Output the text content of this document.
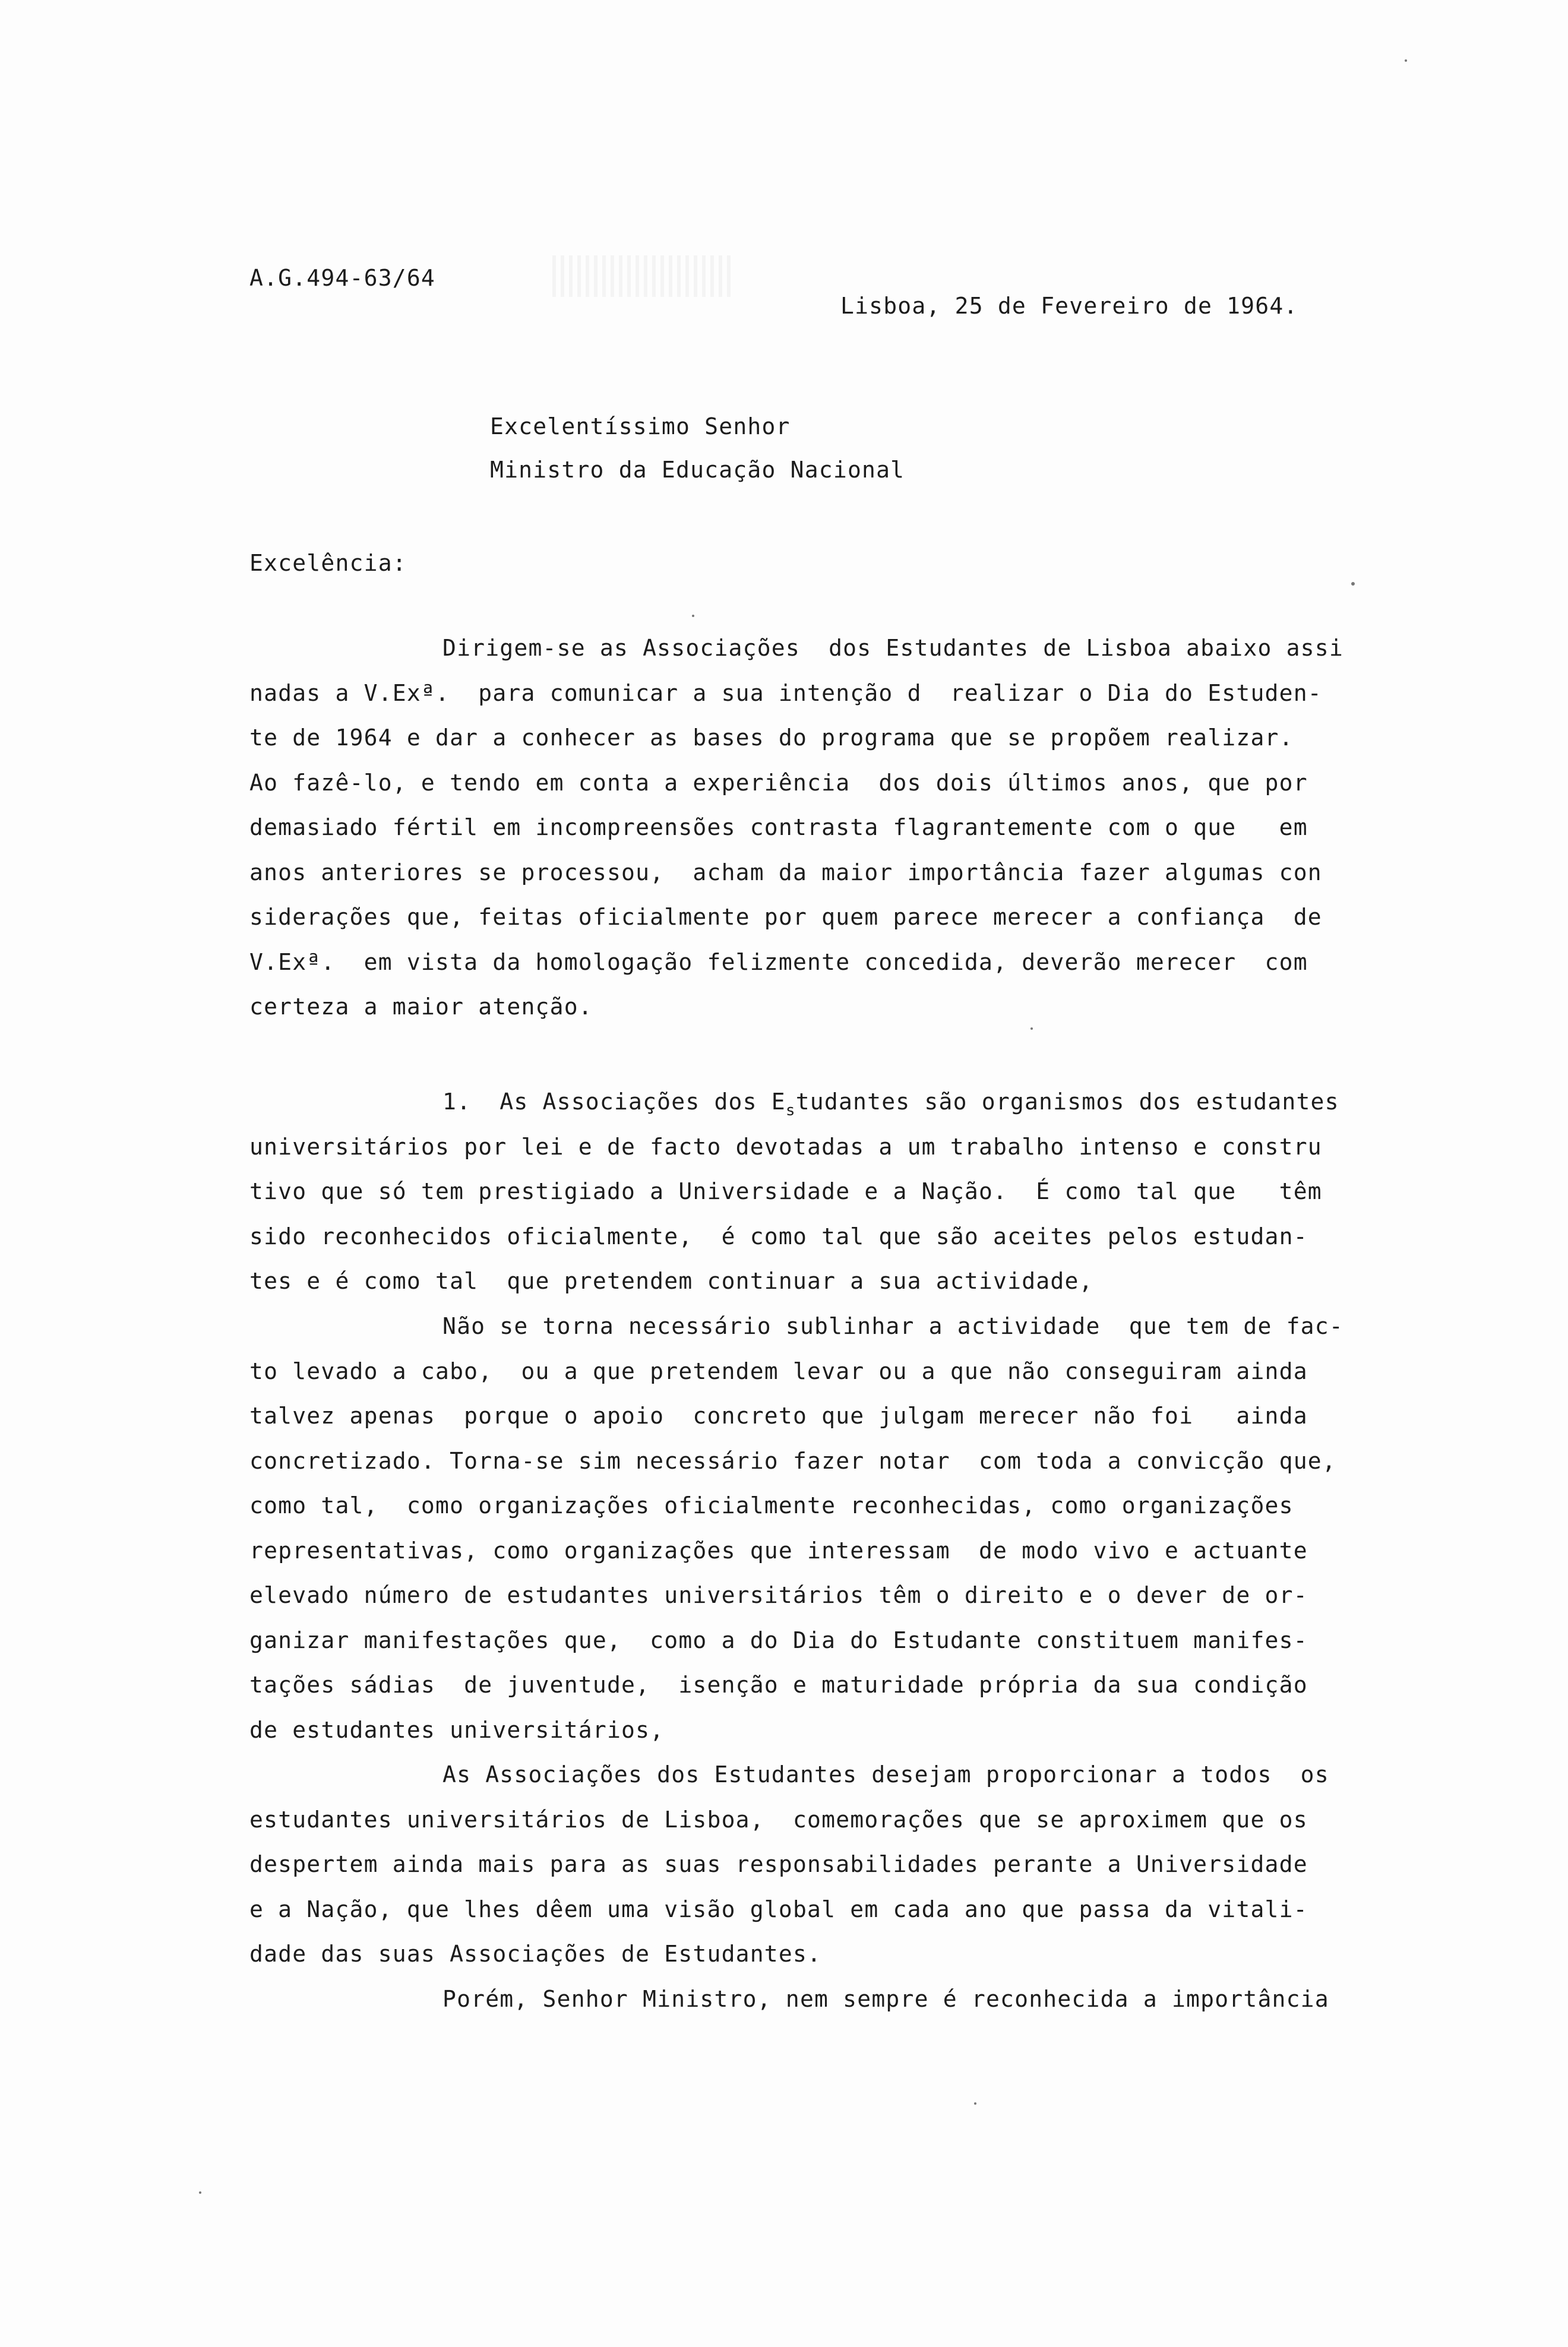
A.G.494-63/64
Lisboa, 25 de Fevereiro de 1964.
Excelentíssimo Senhor
Ministro da Educação Nacional
Excelência:
Dirigem-se as Associações  dos Estudantes de Lisboa abaixo assi
nadas a V.Exª.  para comunicar a sua intenção d  realizar o Dia do Estuden-
te de 1964 e dar a conhecer as bases do programa que se propõem realizar.
Ao fazê-lo, e tendo em conta a experiência  dos dois últimos anos, que por
demasiado fértil em incompreensões contrasta flagrantemente com o que   em
anos anteriores se processou,  acham da maior importância fazer algumas con
siderações que, feitas oficialmente por quem parece merecer a confiança  de
V.Exª.  em vista da homologação felizmente concedida, deverão merecer  com
certeza a maior atenção.
1.  As Associações dos $E_studantes$ são organismos dos estudantes
universitários por lei e de facto devotadas a um trabalho intenso e constru
tivo que só tem prestigiado a Universidade e a Nação.  É como tal que   têm
sido reconhecidos oficialmente,  é como tal que são aceites pelos estudan-
tes e é como tal  que pretendem continuar a sua actividade,
Não se torna necessário sublinhar a actividade  que tem de fac-
to levado a cabo,  ou a que pretendem levar ou a que não conseguiram ainda
talvez apenas  porque o apoio  concreto que julgam merecer não foi   ainda
concretizado. Torna-se sim necessário fazer notar  com toda a convicção que,
como tal,  como organizações oficialmente reconhecidas, como organizações
representativas, como organizações que interessam  de modo vivo e actuante
elevado número de estudantes universitários têm o direito e o dever de or-
ganizar manifestações que,  como a do Dia do Estudante constituem manifes-
tações sádias  de juventude,  isenção e maturidade própria da sua condição
de estudantes universitários,
As Associações dos Estudantes desejam proporcionar a todos  os
estudantes universitários de Lisboa,  comemorações que se aproximem que os
despertem ainda mais para as suas responsabilidades perante a Universidade
e a Nação, que lhes dêem uma visão global em cada ano que passa da vitali-
dade das suas Associações de Estudantes.
Porém, Senhor Ministro, nem sempre é reconhecida a importância
